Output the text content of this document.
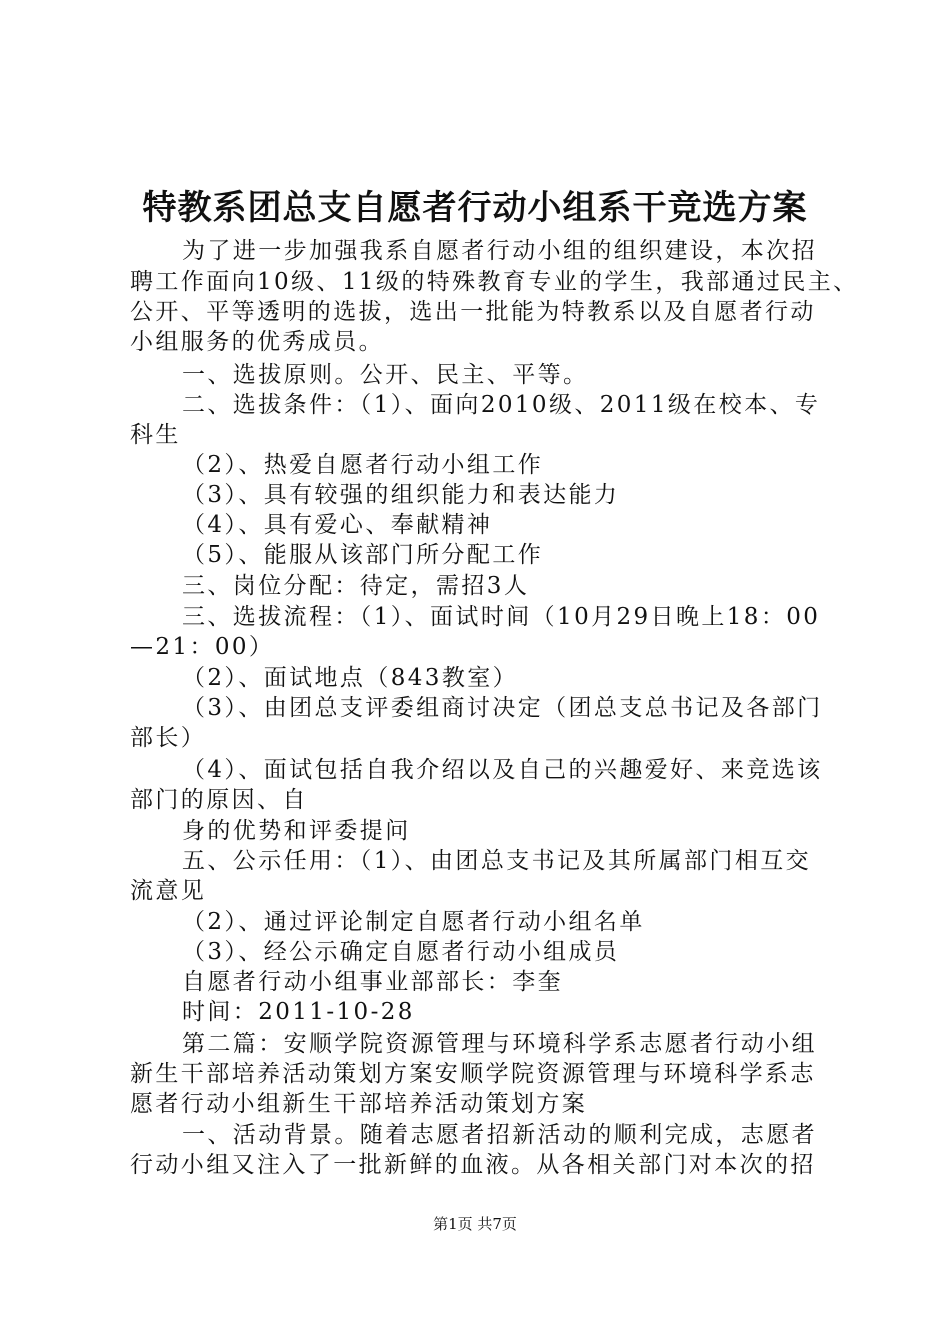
特教系团总支自愿者行动小组系干竞选方案
为了进一步加强我系自愿者行动小组的组织建设，本次招
聘工作面向10级、11级的特殊教育专业的学生，我部通过民主、
公开、平等透明的选拔，选出一批能为特教系以及自愿者行动
小组服务的优秀成员。
一、选拔原则。公开、民主、平等。
二、选拔条件：（1）、面向2010级、2011级在校本、专
科生
（2）、热爱自愿者行动小组工作
（3）、具有较强的组织能力和表达能力
（4）、具有爱心、奉献精神
（5）、能服从该部门所分配工作
三、岗位分配：待定，需招3人
三、选拔流程：（1）、面试时间（10月29日晚上18：00
—21：00）
（2）、面试地点（843教室）
（3）、由团总支评委组商讨决定（团总支总书记及各部门
部长）
（4）、面试包括自我介绍以及自己的兴趣爱好、来竞选该
部门的原因、自
身的优势和评委提问
五、公示任用：（1）、由团总支书记及其所属部门相互交
流意见
（2）、通过评论制定自愿者行动小组名单
（3）、经公示确定自愿者行动小组成员
自愿者行动小组事业部部长：李奎
时间：2011-10-28
第二篇：安顺学院资源管理与环境科学系志愿者行动小组
新生干部培养活动策划方案安顺学院资源管理与环境科学系志
愿者行动小组新生干部培养活动策划方案
一、活动背景。随着志愿者招新活动的顺利完成，志愿者
行动小组又注入了一批新鲜的血液。从各相关部门对本次的招
第1页 共7页
